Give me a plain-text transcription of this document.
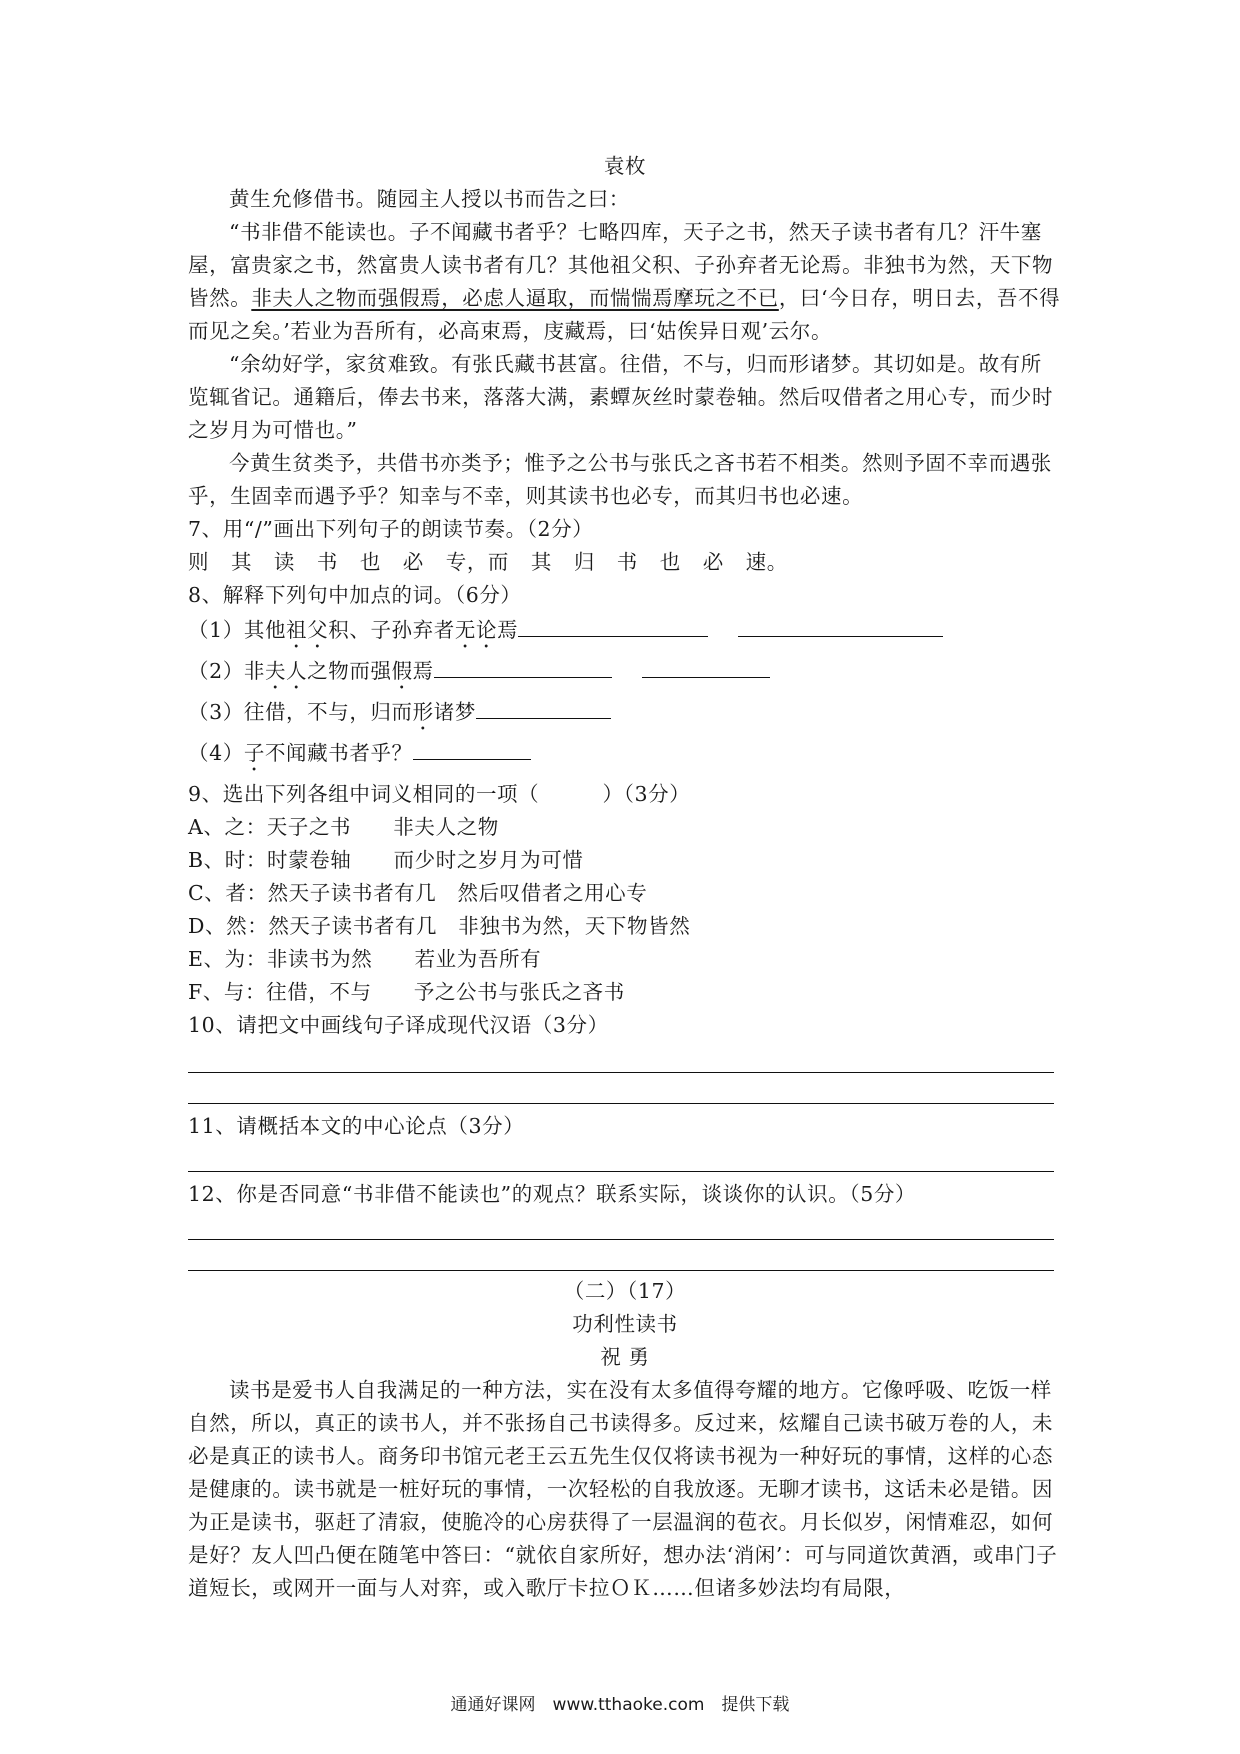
袁枚

黄生允修借书。随园主人授以书而告之曰：

“书非借不能读也。子不闻藏书者乎？七略四库，天子之书，然天子读书者有几？汗牛塞屋，富贵家之书，然富贵人读书者有几？其他祖父积、子孙弃者无论焉。非独书为然，天下物皆然。非夫人之物而强假焉，必虑人逼取，而惴惴焉摩玩之不已，曰‘今日存，明日去，吾不得而见之矣。’若业为吾所有，必高束焉，庋藏焉，曰‘姑俟异日观’云尔。

“余幼好学，家贫难致。有张氏藏书甚富。往借，不与，归而形诸梦。其切如是。故有所览辄省记。通籍后，俸去书来，落落大满，素蟫灰丝时蒙卷轴。然后叹借者之用心专，而少时之岁月为可惜也。”

今黄生贫类予，共借书亦类予；惟予之公书与张氏之吝书若不相类。然则予固不幸而遇张乎，生固幸而遇予乎？知幸与不幸，则其读书也必专，而其归书也必速。

7、用“/”画出下列句子的朗读节奏。（2分）

则 其 读 书 也 必 专，而 其 归 书 也 必 速。

8、解释下列句中加点的词。（6分）

（1）其他祖父积、子孙弃者无论焉

（2）非夫人之物而强假焉

（3）往借，不与，归而形诸梦

（4）子不闻藏书者乎？

9、选出下列各组中词义相同的一项（　　　）（3分）

A、之：天子之书　　非夫人之物

B、时：时蒙卷轴　　而少时之岁月为可惜

C、者：然天子读书者有几　然后叹借者之用心专

D、然：然天子读书者有几　非独书为然，天下物皆然

E、为：非读书为然　　若业为吾所有

F、与：往借，不与　　予之公书与张氏之吝书

10、请把文中画线句子译成现代汉语（3分）

11、请概括本文的中心论点（3分）

12、你是否同意“书非借不能读也”的观点？联系实际，谈谈你的认识。（5分）

（二）（17）

功利性读书

祝 勇

读书是爱书人自我满足的一种方法，实在没有太多值得夸耀的地方。它像呼吸、吃饭一样自然，所以，真正的读书人，并不张扬自己书读得多。反过来，炫耀自己读书破万卷的人，未必是真正的读书人。商务印书馆元老王云五先生仅仅将读书视为一种好玩的事情，这样的心态是健康的。读书就是一桩好玩的事情，一次轻松的自我放逐。无聊才读书，这话未必是错。因为正是读书，驱赶了清寂，使脆冷的心房获得了一层温润的苞衣。月长似岁，闲情难忍，如何是好？友人凹凸便在随笔中答曰：“就依自家所好，想办法‘消闲’：可与同道饮黄酒，或串门子道短长，或网开一面与人对弈，或入歌厅卡拉ＯＫ……但诸多妙法均有局限，

通通好课网　www.tthaoke.com　提供下载
